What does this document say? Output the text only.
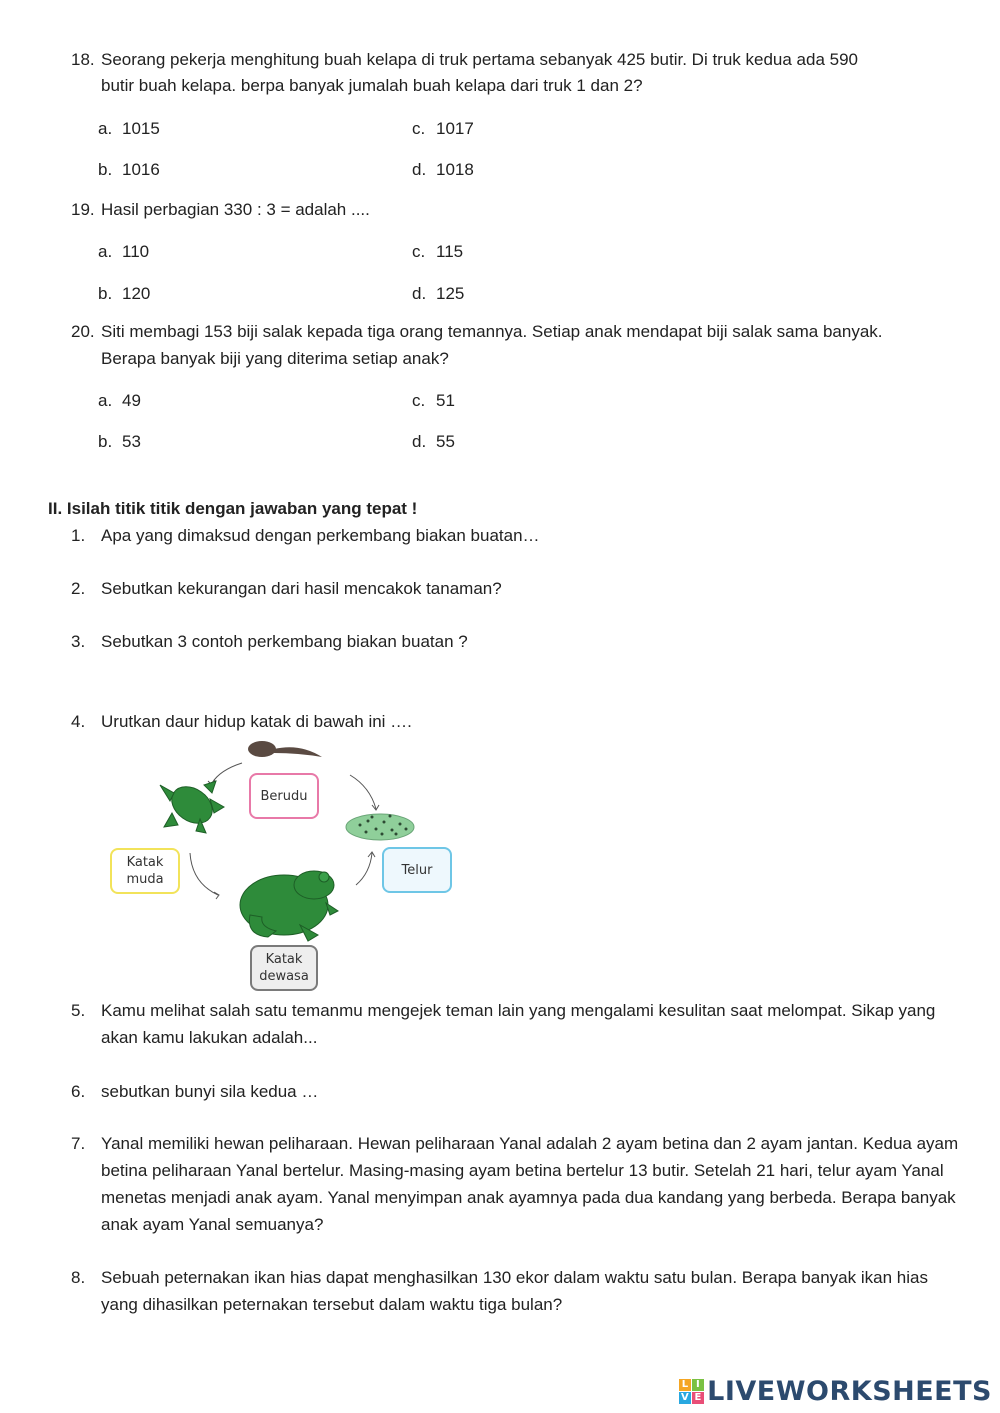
18. Seorang pekerja menghitung buah kelapa di truk pertama sebanyak 425 butir. Di truk kedua ada 590
butir buah kelapa. berpa banyak jumalah buah kelapa dari truk 1 dan 2?
a. 1015	c. 1017
b. 1016	d. 1018
19. Hasil perbagian 330 : 3 = adalah ....
a. 110	c. 115
b. 120	d. 125
20. Siti membagi 153 biji salak kepada tiga orang temannya. Setiap anak mendapat biji salak sama banyak.
Berapa banyak biji yang diterima setiap anak?
a. 49	c. 51
b. 53	d. 55
II. Isilah titik titik dengan jawaban yang tepat !
1. Apa yang dimaksud dengan perkembang biakan buatan…
2. Sebutkan kekurangan dari hasil mencakok tanaman?
3. Sebutkan 3 contoh perkembang biakan buatan ?
4. Urutkan daur hidup katak di bawah ini ….
Berudu
Telur
Katak
muda
Katak
dewasa
5. Kamu melihat salah satu temanmu mengejek teman lain yang mengalami kesulitan saat melompat. Sikap yang akan kamu lakukan adalah...
6. sebutkan bunyi sila kedua …
7. Yanal memiliki hewan peliharaan. Hewan peliharaan Yanal adalah 2 ayam betina dan 2 ayam jantan. Kedua ayam betina peliharaan Yanal bertelur. Masing-masing ayam betina bertelur 13 butir. Setelah 21 hari, telur ayam Yanal menetas menjadi anak ayam. Yanal menyimpan anak ayamnya pada dua kandang yang berbeda. Berapa banyak anak ayam Yanal semuanya?
8. Sebuah peternakan ikan hias dapat menghasilkan 130 ekor dalam waktu satu bulan. Berapa banyak ikan hias yang dihasilkan peternakan tersebut dalam waktu tiga bulan?
L I
V E LIVEWORKSHEETS
